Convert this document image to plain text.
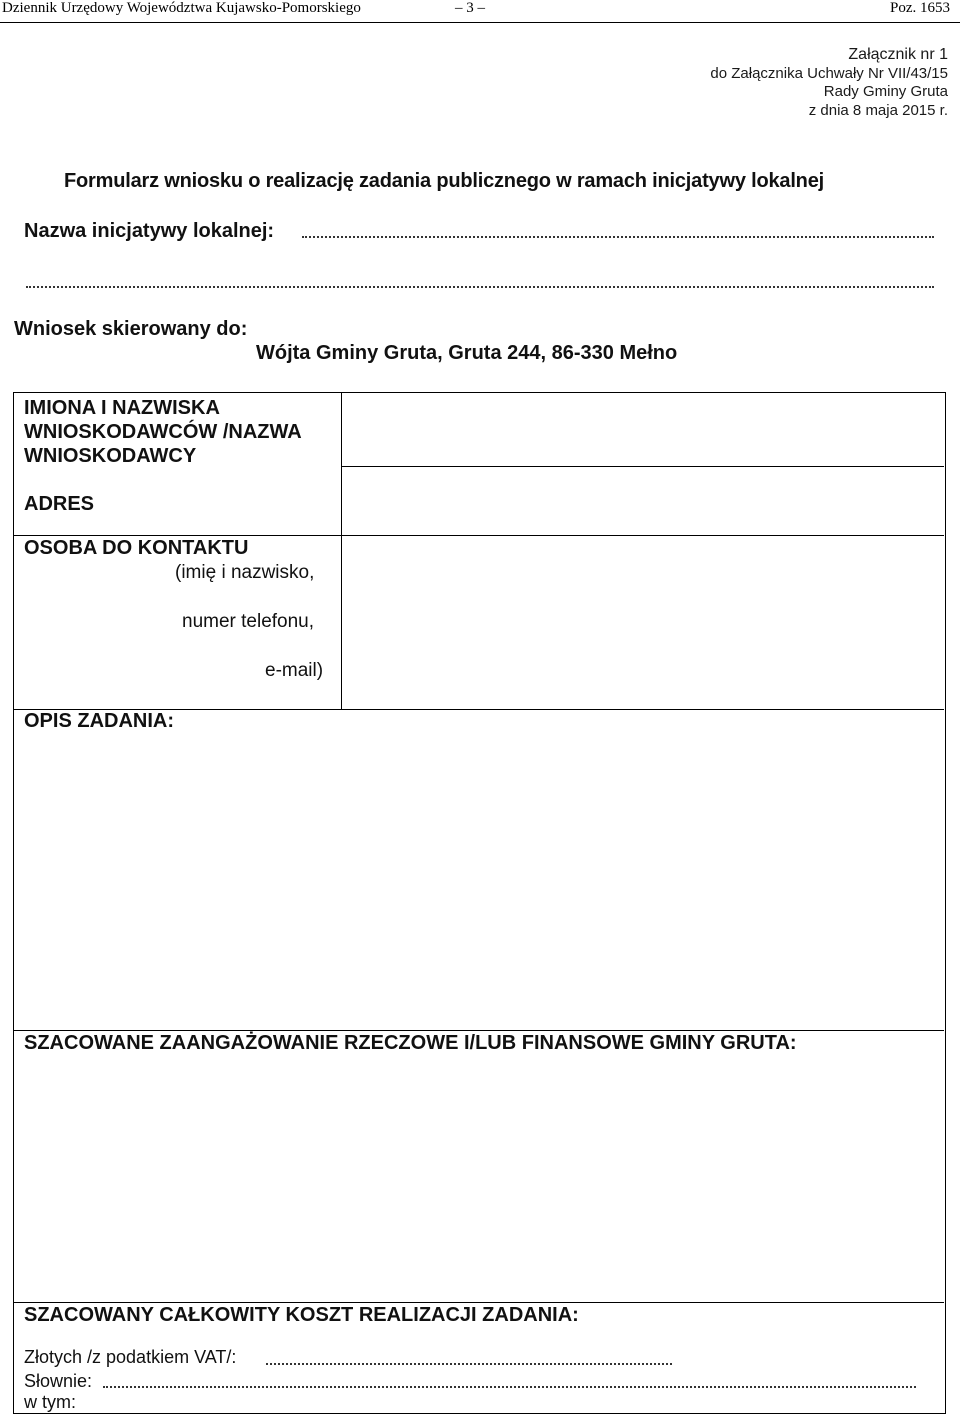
Dziennik Urzędowy Województwa Kujawsko-Pomorskiego	– 3 –	Poz. 1653
Załącznik nr 1
do Załącznika Uchwały Nr VII/43/15
Rady Gminy Gruta
z dnia 8 maja 2015 r.
Formularz wniosku o realizację zadania publicznego w ramach inicjatywy lokalnej
Nazwa inicjatywy lokalnej:
Wniosek skierowany do:
Wójta Gminy Gruta, Gruta 244, 86-330 Mełno
IMIONA I NAZWISKA
WNIOSKODAWCÓW /NAZWA
WNIOSKODAWCY
ADRES
OSOBA DO KONTAKTU
(imię i nazwisko,
numer telefonu,
e-mail)
OPIS ZADANIA:
SZACOWANE ZAANGAŻOWANIE RZECZOWE I/LUB FINANSOWE GMINY GRUTA:
SZACOWANY CAŁKOWITY KOSZT REALIZACJI ZADANIA:
Złotych /z podatkiem VAT/:
Słownie:
w tym:
